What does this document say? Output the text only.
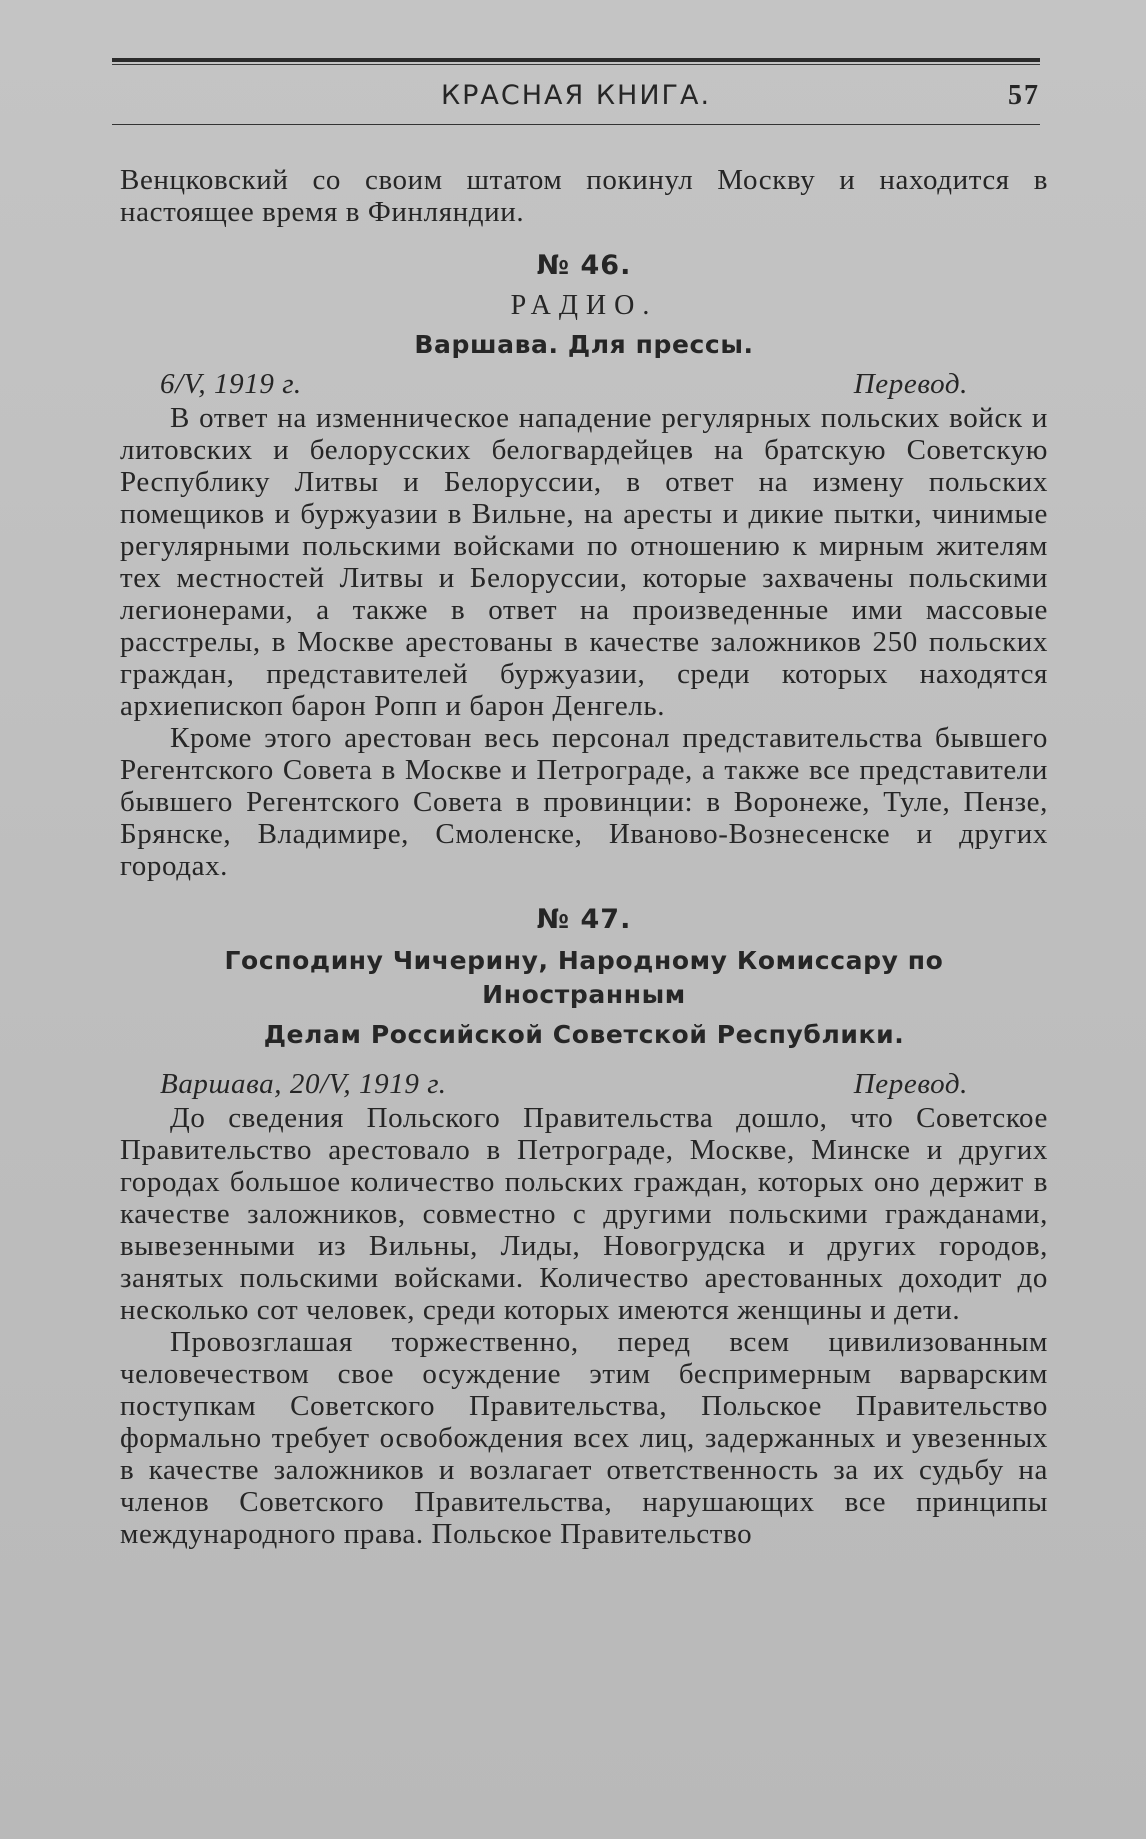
КРАСНАЯ КНИГА.	57

Венцковский со своим штатом покинул Москву и находится в настоящее время в Финляндии.

№ 46.
РАДИО.
Варшава. Для прессы.
6/V, 1919 г.	Перевод.

В ответ на изменническое нападение регулярных польских войск и литовских и белорусских белогвардейцев на братскую Советскую Республику Литвы и Белоруссии, в ответ на измену польских помещиков и буржуазии в Вильне, на аресты и дикие пытки, чинимые регулярными польскими войсками по отношению к мирным жителям тех местностей Литвы и Белоруссии, которые захвачены польскими легионерами, а также в ответ на произведенные ими массовые расстрелы, в Москве арестованы в качестве заложников 250 польских граждан, представителей буржуазии, среди которых находятся архиепископ барон Ропп и барон Денгель.

Кроме этого арестован весь персонал представительства бывшего Регентского Совета в Москве и Петрограде, а также все представители бывшего Регентского Совета в провинции: в Воронеже, Туле, Пензе, Брянске, Владимире, Смоленске, Иваново-Вознесенске и других городах.

№ 47.
Господину Чичерину, Народному Комиссару по Иностранным
Делам Российской Советской Республики.
Варшава, 20/V, 1919 г.	Перевод.

До сведения Польского Правительства дошло, что Советское Правительство арестовало в Петрограде, Москве, Минске и других городах большое количество польских граждан, которых оно держит в качестве заложников, совместно с другими польскими гражданами, вывезенными из Вильны, Лиды, Новогрудска и других городов, занятых польскими войсками. Количество арестованных доходит до несколько сот человек, среди которых имеются женщины и дети.

Провозглашая торжественно, перед всем цивилизованным человечеством свое осуждение этим беспримерным варварским поступкам Советского Правительства, Польское Правительство формально требует освобождения всех лиц, задержанных и увезенных в качестве заложников и возлагает ответственность за их судьбу на членов Советского Правительства, нарушающих все принципы международного права. Польское Правительство
